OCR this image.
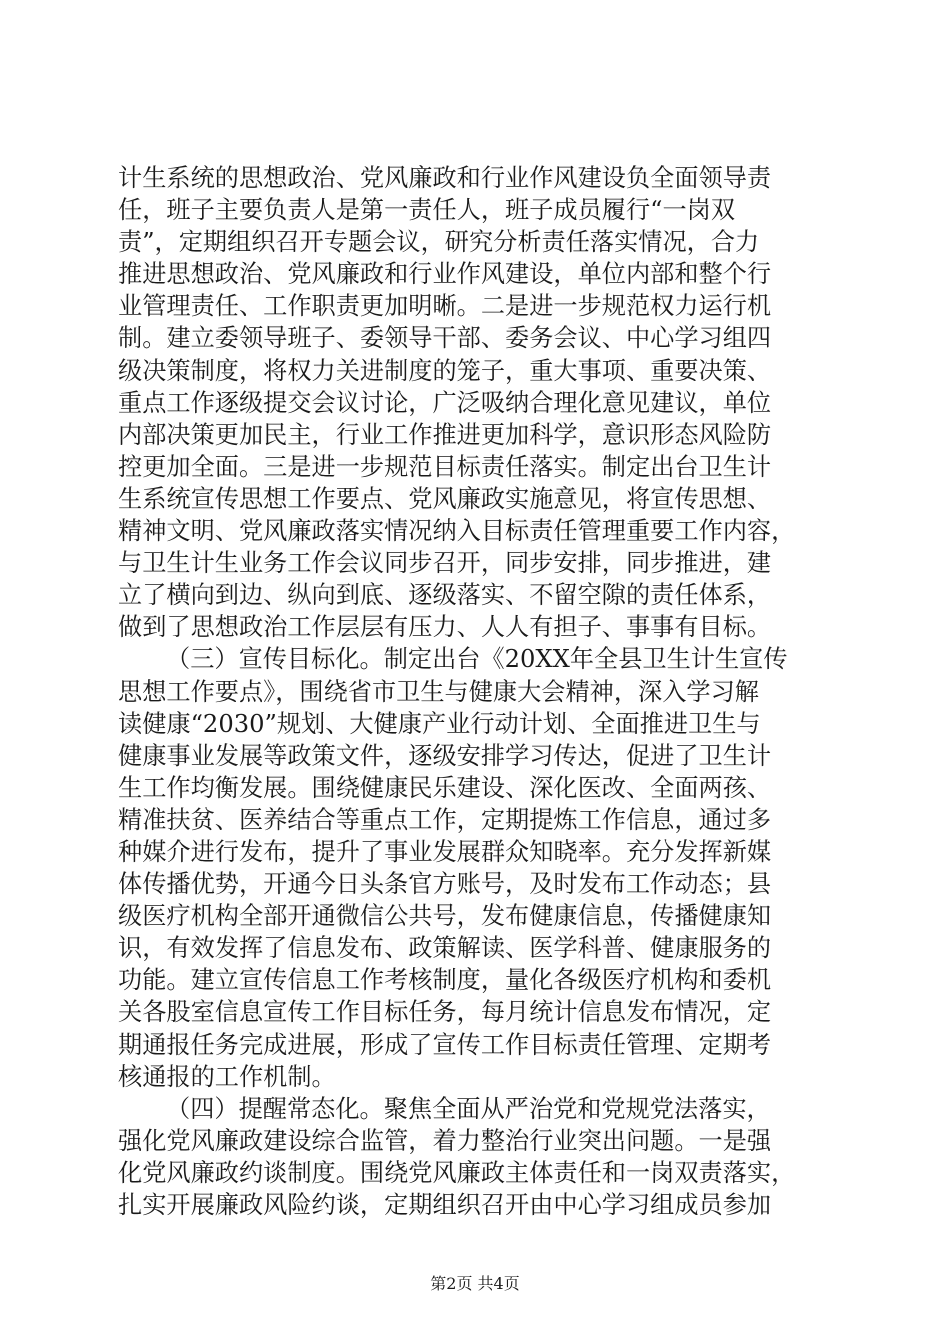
计生系统的思想政治、党风廉政和行业作风建设负全面领导责
任，班子主要负责人是第一责任人，班子成员履行“一岗双
责”，定期组织召开专题会议，研究分析责任落实情况，合力
推进思想政治、党风廉政和行业作风建设，单位内部和整个行
业管理责任、工作职责更加明晰。二是进一步规范权力运行机
制。建立委领导班子、委领导干部、委务会议、中心学习组四
级决策制度，将权力关进制度的笼子，重大事项、重要决策、
重点工作逐级提交会议讨论，广泛吸纳合理化意见建议，单位
内部决策更加民主，行业工作推进更加科学，意识形态风险防
控更加全面。三是进一步规范目标责任落实。制定出台卫生计
生系统宣传思想工作要点、党风廉政实施意见，将宣传思想、
精神文明、党风廉政落实情况纳入目标责任管理重要工作内容，
与卫生计生业务工作会议同步召开，同步安排，同步推进，建
立了横向到边、纵向到底、逐级落实、不留空隙的责任体系，
做到了思想政治工作层层有压力、人人有担子、事事有目标。
（三）宣传目标化。制定出台《20XX年全县卫生计生宣传
思想工作要点》，围绕省市卫生与健康大会精神，深入学习解
读健康“2030”规划、大健康产业行动计划、全面推进卫生与
健康事业发展等政策文件，逐级安排学习传达，促进了卫生计
生工作均衡发展。围绕健康民乐建设、深化医改、全面两孩、
精准扶贫、医养结合等重点工作，定期提炼工作信息，通过多
种媒介进行发布，提升了事业发展群众知晓率。充分发挥新媒
体传播优势，开通今日头条官方账号，及时发布工作动态；县
级医疗机构全部开通微信公共号，发布健康信息，传播健康知
识，有效发挥了信息发布、政策解读、医学科普、健康服务的
功能。建立宣传信息工作考核制度，量化各级医疗机构和委机
关各股室信息宣传工作目标任务，每月统计信息发布情况，定
期通报任务完成进展，形成了宣传工作目标责任管理、定期考
核通报的工作机制。
（四）提醒常态化。聚焦全面从严治党和党规党法落实，
强化党风廉政建设综合监管，着力整治行业突出问题。一是强
化党风廉政约谈制度。围绕党风廉政主体责任和一岗双责落实，
扎实开展廉政风险约谈，定期组织召开由中心学习组成员参加
第2页 共4页
